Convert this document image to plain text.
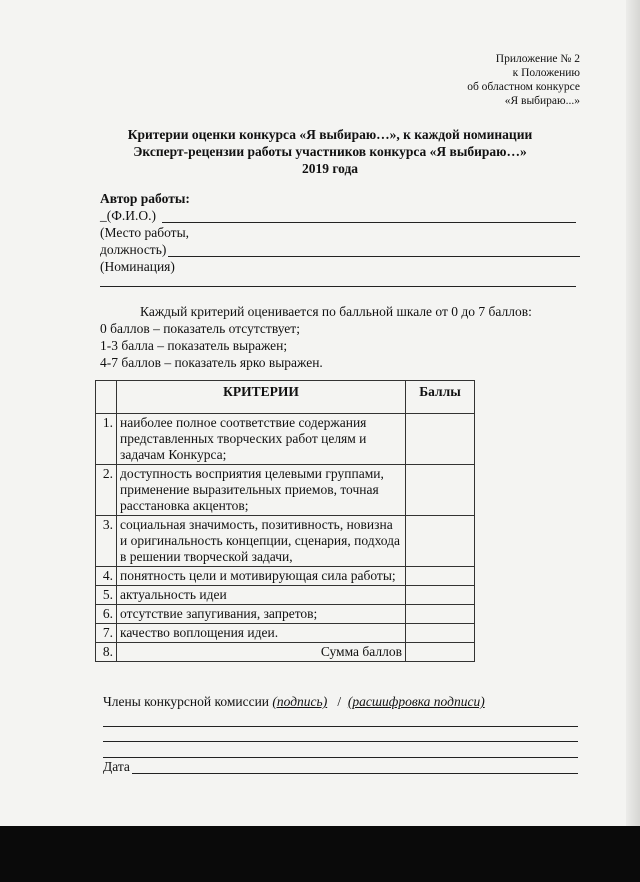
Приложение № 2
к Положению
об областном конкурсе
«Я выбираю...»
Критерии оценки конкурса «Я выбираю…», к каждой номинации
Эксперт-рецензии работы участников конкурса «Я выбираю…»
2019 года
Автор работы:
_(Ф.И.О.)
(Место работы,
должность)
(Номинация)
Каждый критерий оценивается по балльной шкале от 0 до 7 баллов:
0 баллов – показатель отсутствует;
1-3 балла – показатель выражен;
4-7 баллов – показатель ярко выражен.
	КРИТЕРИИ	Баллы
1.	наиболее полное соответствие содержания представленных творческих работ целям и задачам Конкурса;	
2.	доступность восприятия целевыми группами, применение выразительных приемов, точная расстановка акцентов;	
3.	социальная значимость, позитивность, новизна и оригинальность концепции, сценария, подхода в решении творческой задачи,	
4.	понятность цели и мотивирующая сила работы;	
5.	актуальность идеи	
6.	отсутствие запугивания, запретов;	
7.	качество воплощения идеи.	
8.	Сумма баллов	
Члены конкурсной комиссии (подпись)   /  (расшифровка подписи)
Дата
